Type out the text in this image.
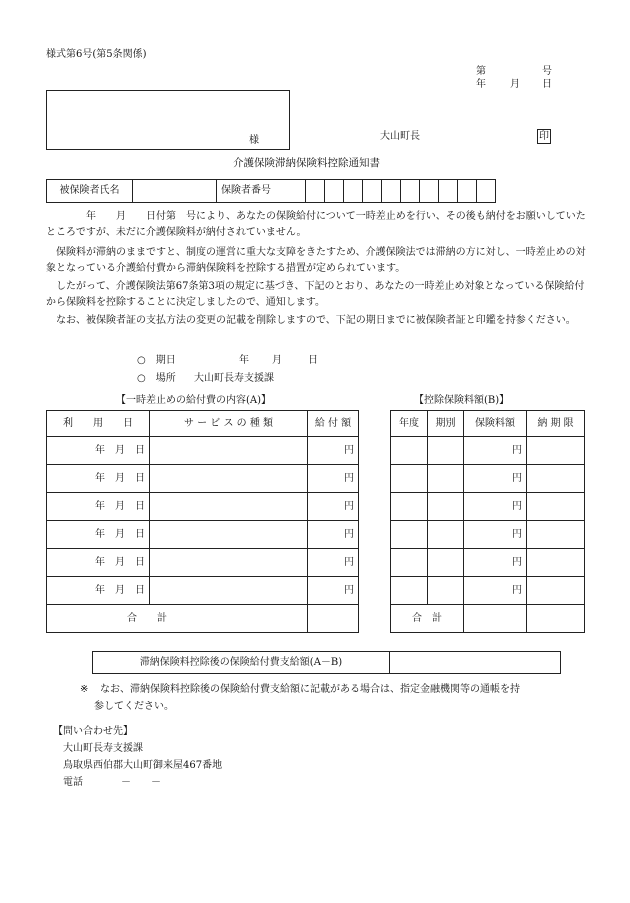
様式第6号(第5条関係)
第	号
年 月 日
様	大山町長	印
介護保険滞納保険料控除通知書
被保険者氏名		保険者番号										

　　　　年　　月　　日付第　号により、あなたの保険給付について一時差止めを行い、その後も納付をお願いしていたところですが、未だに介護保険料が納付されていません。

　保険料が滞納のままですと、制度の運営に重大な支障をきたすため、介護保険法では滞納の方に対し、一時差止めの対象となっている介護給付費から滞納保険料を控除する措置が定められています。

　したがって、介護保険法第67条第3項の規定に基づき、下記のとおり、あなたの一時差止め対象となっている保険給付から保険料を控除することに決定しましたので、通知します。

　なお、被保険者証の支払方法の変更の記載を削除しますので、下記の期日までに被保険者証と印鑑を持参ください。

○　期日	年 月	日
○　場所 大山町長寿支援課
【一時差止めの給付費の内容(A)】
利　　用　　日	サ ー ビ ス の 種 類	給 付 額
年　月　日		円
年　月　日		円
年　月　日		円
年　月　日		円
年　月　日		円
年　月　日		円
合　　計		
【控除保険料額(B)】
年度	期別	保険料額	納 期 限
		円	
		円	
		円	
		円	
		円	
		円	
合　計			
滞納保険料控除後の保険給付費支給額(A－B)	
※ なお、滞納保険料控除後の保険給付費支給額に記載がある場合は、指定金融機関等の通帳を持
参してください。
【問い合わせ先】
大山町長寿支援課
鳥取県西伯郡大山町御来屋467番地
電話	－　　－
